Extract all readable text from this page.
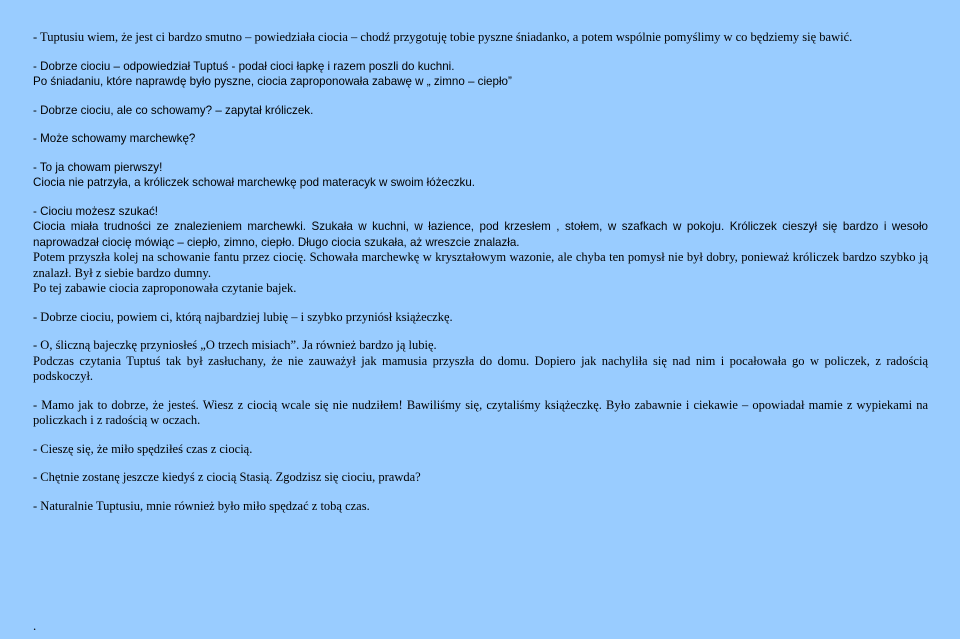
- Tuptusiu wiem, że jest ci bardzo smutno – powiedziała ciocia – chodź przygotuję tobie pyszne śniadanko, a potem wspólnie pomyślimy w co będziemy się bawić.

- Dobrze ciociu – odpowiedział Tuptuś - podał cioci łapkę i razem poszli do kuchni.

Po śniadaniu, które naprawdę było pyszne, ciocia zaproponowała zabawę w „ zimno – ciepło”

- Dobrze ciociu, ale co schowamy? – zapytał króliczek.

- Może schowamy marchewkę?

- To ja chowam pierwszy!

Ciocia nie patrzyła, a króliczek schował marchewkę pod materacyk w swoim łóżeczku.

- Ciociu możesz szukać!

Ciocia miała trudności ze znalezieniem marchewki. Szukała w kuchni, w łazience, pod krzesłem , stołem, w szafkach w pokoju. Króliczek cieszył się bardzo i wesoło naprowadzał ciocię mówiąc – ciepło, zimno, ciepło. Długo ciocia szukała, aż wreszcie znalazła.

Potem przyszła kolej na schowanie fantu przez ciocię. Schowała marchewkę w kryształowym wazonie, ale chyba ten pomysł nie był dobry, ponieważ króliczek bardzo szybko ją znalazł. Był z siebie bardzo dumny.

Po tej zabawie ciocia zaproponowała czytanie bajek.

- Dobrze ciociu, powiem ci, którą najbardziej lubię – i szybko przyniósł książeczkę.

- O, śliczną bajeczkę przyniosłeś „O trzech misiach”. Ja również bardzo ją lubię.

Podczas czytania Tuptuś tak był zasłuchany, że nie zauważył jak mamusia przyszła do domu. Dopiero jak nachyliła się nad nim i pocałowała go w policzek, z radością podskoczył.

- Mamo jak to dobrze, że jesteś. Wiesz z ciocią wcale się nie nudziłem! Bawiliśmy się, czytaliśmy książeczkę. Było zabawnie i ciekawie – opowiadał mamie z wypiekami na policzkach i z radością w oczach.

- Cieszę się, że miło spędziłeś czas z ciocią.

- Chętnie zostanę jeszcze kiedyś z ciocią Stasią. Zgodzisz się ciociu, prawda?

- Naturalnie Tuptusiu, mnie również było miło spędzać z tobą czas.

.
